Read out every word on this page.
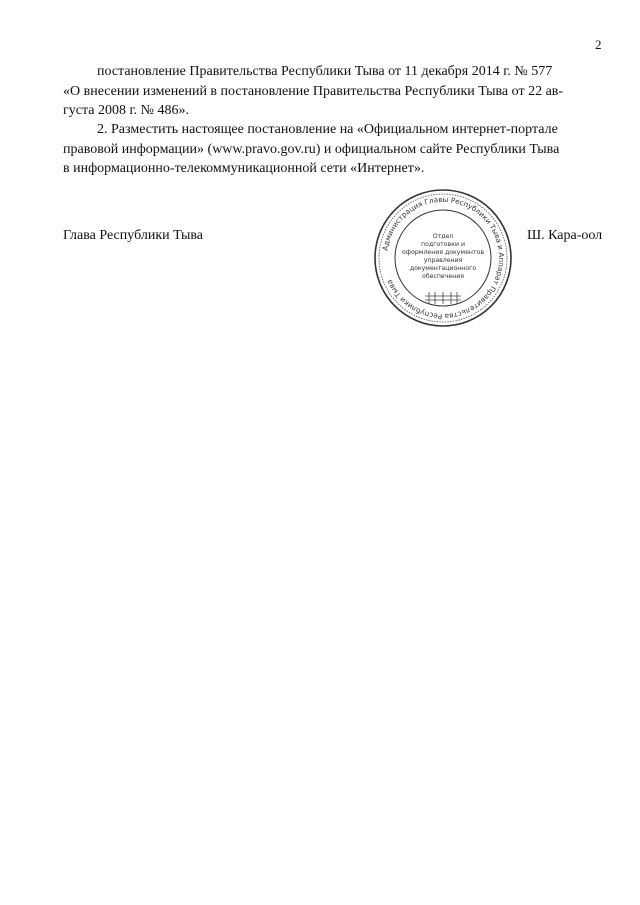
2
постановление Правительства Республики Тыва от 11 декабря 2014 г. № 577
«О внесении изменений в постановление Правительства Республики Тыва от 22 ав-
густа 2008 г. № 486».
2. Разместить настоящее постановление на «Официальном интернет-портале
правовой информации» (www.pravo.gov.ru) и официальном сайте Республики Тыва
в информационно-телекоммуникационной сети «Интернет».
Глава Республики Тыва	Ш. Кара-оол
Администрация Главы Республики Тыва и Аппарат Правительства Республики Тыва
Отдел
подготовки и
оформления документов
управления
документационного
обеспечения
